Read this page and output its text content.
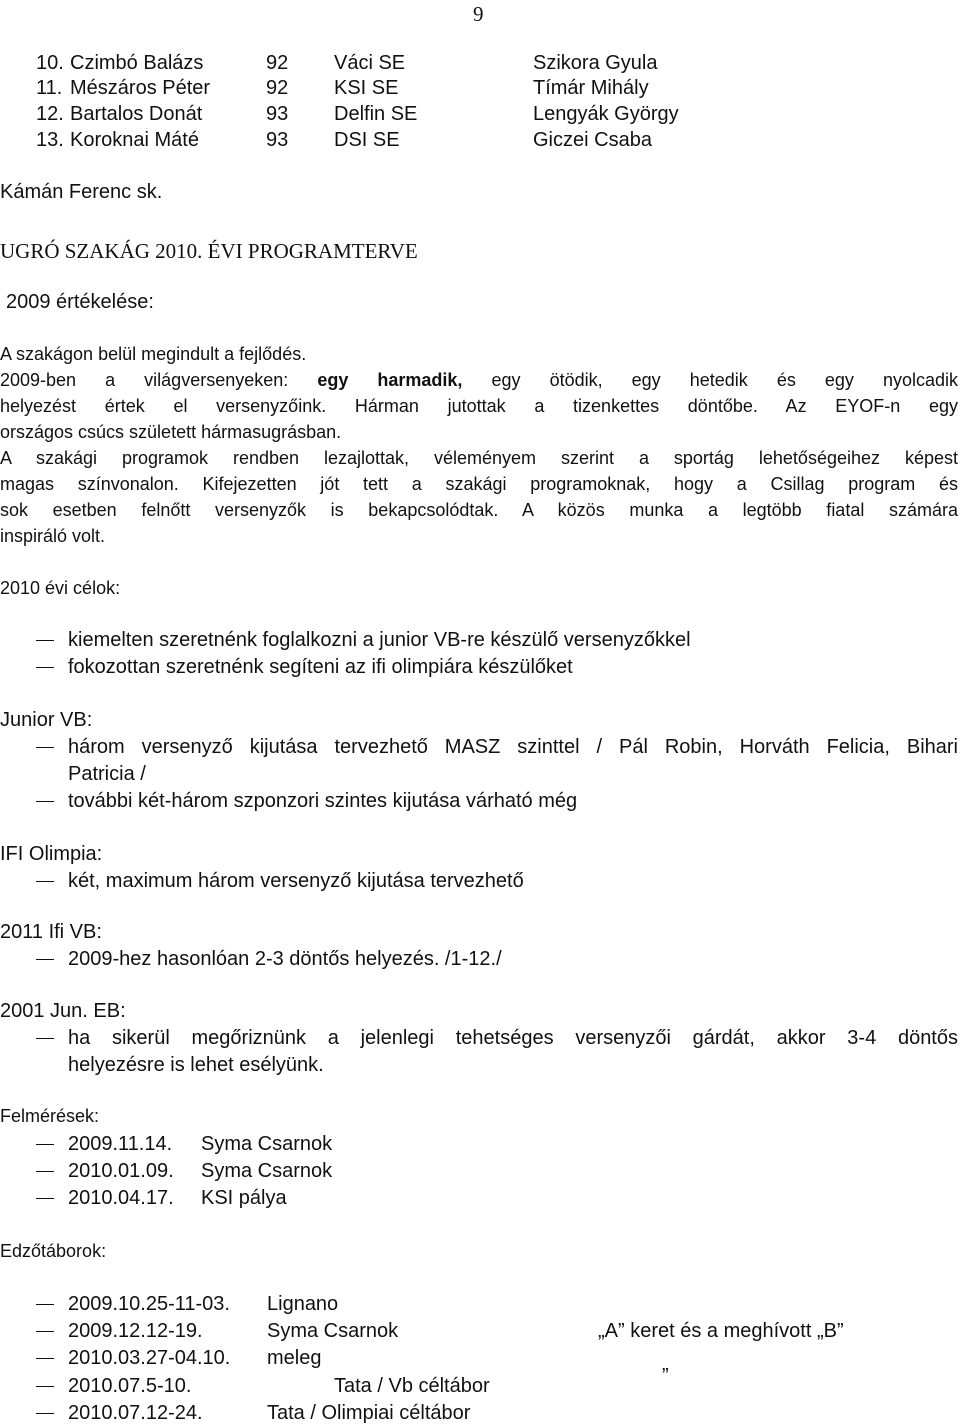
9
10. Czimbó Balázs	92 Váci SE	Szikora Gyula
11. Mészáros Péter	92 KSI SE	Tímár Mihály
12. Bartalos Donát	93 Delfin SE	Lengyák György
13. Koroknai Máté	93 DSI SE	Giczei Csaba
Kámán Ferenc sk.
UGRÓ SZAKÁG 2010. ÉVI PROGRAMTERVE
2009 értékelése:
A szakágon belül megindult a fejlődés.
2009-ben a világversenyeken: egy harmadik, egy ötödik, egy hetedik és egy nyolcadik
helyezést értek el versenyzőink. Hárman jutottak a tizenkettes döntőbe. Az EYOF-n egy
országos csúcs született hármasugrásban.
A szakági programok rendben lezajlottak, véleményem szerint a sportág lehetőségeihez képest
magas színvonalon. Kifejezetten jót tett a szakági programoknak, hogy a Csillag program és
sok esetben felnőtt versenyzők is bekapcsolódtak. A közös munka a legtöbb fiatal számára
inspiráló volt.
2010 évi célok:
kiemelten szeretnénk foglalkozni a junior VB-re készülő versenyzőkkel
fokozottan szeretnénk segíteni az ifi olimpiára készülőket
Junior VB:
három versenyző kijutása tervezhető MASZ szinttel / Pál Robin, Horváth Felicia, Bihari
Patricia /
további két-három szponzori szintes kijutása várható még
IFI Olimpia:
két, maximum három versenyző kijutása tervezhető
2011 Ifi VB:
2009-hez hasonlóan 2-3 döntős helyezés. /1-12./
2001 Jun. EB:
ha sikerül megőriznünk a jelenlegi tehetséges versenyzői gárdát, akkor 3-4 döntős
helyezésre is lehet esélyünk.
Felmérések:
2009.11.14. Syma Csarnok
2010.01.09. Syma Csarnok
2010.04.17. KSI pálya
Edzőtáborok:
2009.10.25-11-03. Lignano
2009.12.12-19.	Syma Csarnok	„A” keret és a meghívott „B”
2010.03.27-04.10. meleg	„
2010.07.5-10.	Tata / Vb céltábor
2010.07.12-24.	Tata / Olimpiai céltábor
